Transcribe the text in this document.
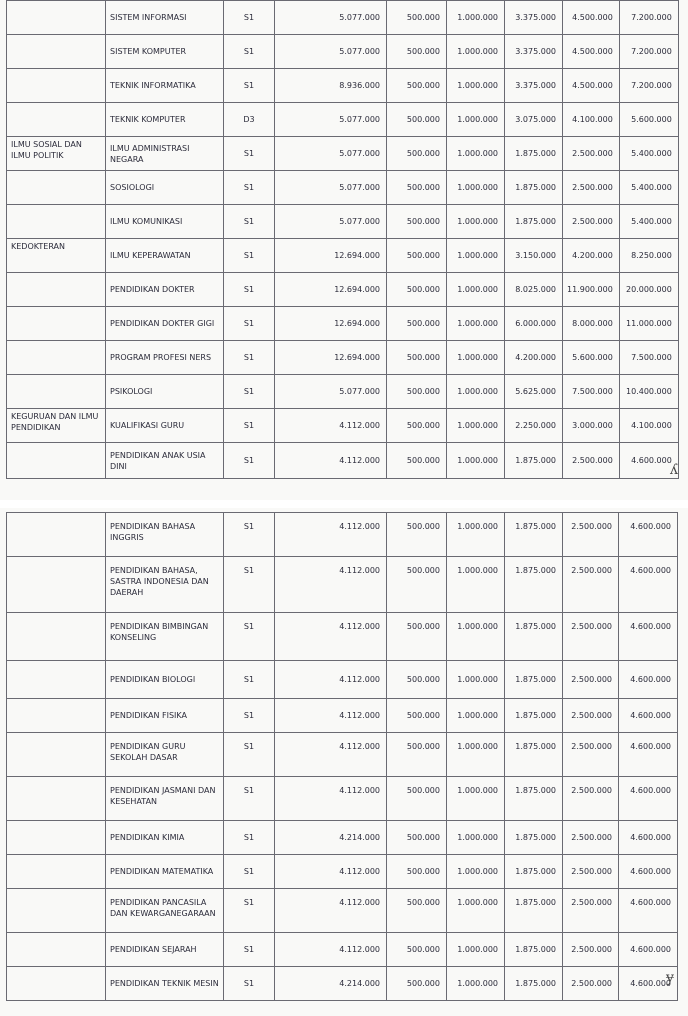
	SISTEM INFORMASI	S1	5.077.000	500.000	1.000.000	3.375.000	4.500.000	7.200.000
	SISTEM KOMPUTER	S1	5.077.000	500.000	1.000.000	3.375.000	4.500.000	7.200.000
	TEKNIK INFORMATIKA	S1	8.936.000	500.000	1.000.000	3.375.000	4.500.000	7.200.000
	TEKNIK KOMPUTER	D3	5.077.000	500.000	1.000.000	3.075.000	4.100.000	5.600.000
ILMU SOSIAL DAN ILMU POLITIK	ILMU ADMINISTRASI NEGARA	S1	5.077.000	500.000	1.000.000	1.875.000	2.500.000	5.400.000
	SOSIOLOGI	S1	5.077.000	500.000	1.000.000	1.875.000	2.500.000	5.400.000
	ILMU KOMUNIKASI	S1	5.077.000	500.000	1.000.000	1.875.000	2.500.000	5.400.000
KEDOKTERAN	ILMU KEPERAWATAN	S1	12.694.000	500.000	1.000.000	3.150.000	4.200.000	8.250.000
	PENDIDIKAN DOKTER	S1	12.694.000	500.000	1.000.000	8.025.000	11.900.000	20.000.000
	PENDIDIKAN DOKTER GIGI	S1	12.694.000	500.000	1.000.000	6.000.000	8.000.000	11.000.000
	PROGRAM PROFESI NERS	S1	12.694.000	500.000	1.000.000	4.200.000	5.600.000	7.500.000
	PSIKOLOGI	S1	5.077.000	500.000	1.000.000	5.625.000	7.500.000	10.400.000
KEGURUAN DAN ILMU PENDIDIKAN	KUALIFIKASI GURU	S1	4.112.000	500.000	1.000.000	2.250.000	3.000.000	4.100.000
	PENDIDIKAN ANAK USIA DINI	S1	4.112.000	500.000	1.000.000	1.875.000	2.500.000	4.600.000
ʎ
	PENDIDIKAN BAHASA INGGRIS	S1	4.112.000	500.000	1.000.000	1.875.000	2.500.000	4.600.000
	PENDIDIKAN BAHASA, SASTRA INDONESIA DAN DAERAH	S1	4.112.000	500.000	1.000.000	1.875.000	2.500.000	4.600.000
	PENDIDIKAN BIMBINGAN KONSELING	S1	4.112.000	500.000	1.000.000	1.875.000	2.500.000	4.600.000
	PENDIDIKAN BIOLOGI	S1	4.112.000	500.000	1.000.000	1.875.000	2.500.000	4.600.000
	PENDIDIKAN FISIKA	S1	4.112.000	500.000	1.000.000	1.875.000	2.500.000	4.600.000
	PENDIDIKAN GURU SEKOLAH DASAR	S1	4.112.000	500.000	1.000.000	1.875.000	2.500.000	4.600.000
	PENDIDIKAN JASMANI DAN KESEHATAN	S1	4.112.000	500.000	1.000.000	1.875.000	2.500.000	4.600.000
	PENDIDIKAN KIMIA	S1	4.214.000	500.000	1.000.000	1.875.000	2.500.000	4.600.000
	PENDIDIKAN MATEMATIKA	S1	4.112.000	500.000	1.000.000	1.875.000	2.500.000	4.600.000
	PENDIDIKAN PANCASILA DAN KEWARGANEGARAAN	S1	4.112.000	500.000	1.000.000	1.875.000	2.500.000	4.600.000
	PENDIDIKAN SEJARAH	S1	4.112.000	500.000	1.000.000	1.875.000	2.500.000	4.600.000
	PENDIDIKAN TEKNIK MESIN	S1	4.214.000	500.000	1.000.000	1.875.000	2.500.000	4.600.000
ɏ
